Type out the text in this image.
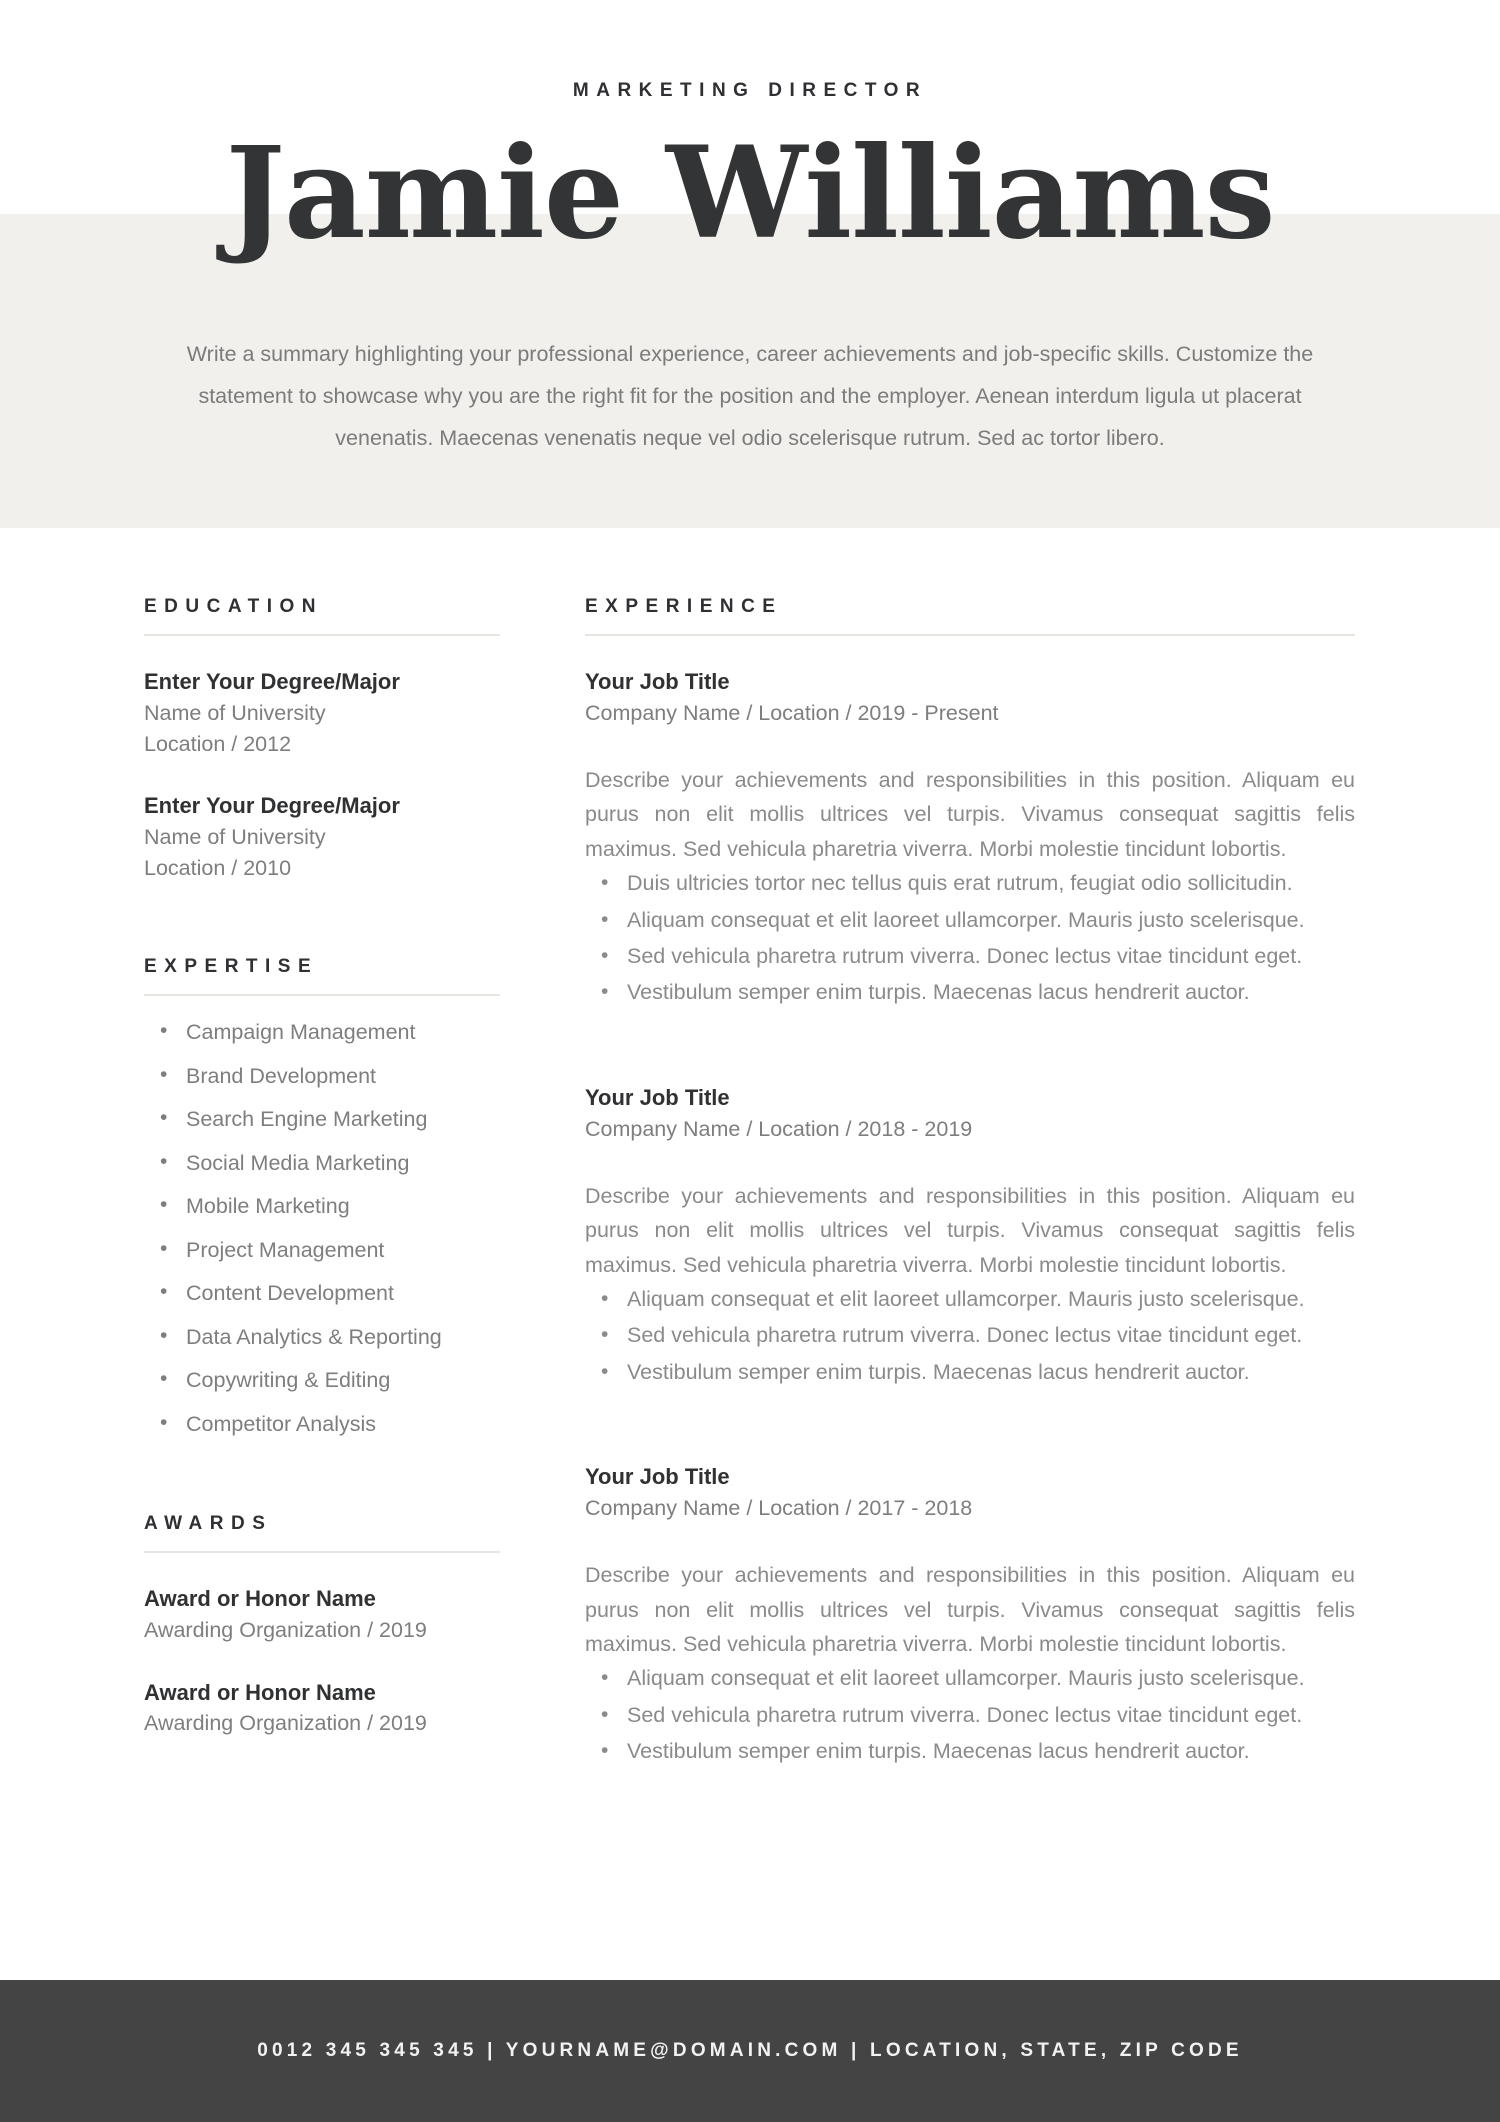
MARKETING DIRECTOR
Jamie Williams
Write a summary highlighting your professional experience, career achievements and job-specific skills. Customize the statement to showcase why you are the right fit for the position and the employer. Aenean interdum ligula ut placerat venenatis. Maecenas venenatis neque vel odio scelerisque rutrum. Sed ac tortor libero.
EDUCATION
Enter Your Degree/Major
Name of University
Location / 2012
Enter Your Degree/Major
Name of University
Location / 2010
EXPERTISE
• Campaign Management
• Brand Development
• Search Engine Marketing
• Social Media Marketing
• Mobile Marketing
• Project Management
• Content Development
• Data Analytics & Reporting
• Copywriting & Editing
• Competitor Analysis
AWARDS
Award or Honor Name
Awarding Organization / 2019
Award or Honor Name
Awarding Organization / 2019
EXPERIENCE
Your Job Title
Company Name / Location / 2019 - Present
Describe your achievements and responsibilities in this position. Aliquam eu purus non elit mollis ultrices vel turpis. Vivamus consequat sagittis felis maximus. Sed vehicula pharetria viverra. Morbi molestie tincidunt lobortis.
• Duis ultricies tortor nec tellus quis erat rutrum, feugiat odio sollicitudin.
• Aliquam consequat et elit laoreet ullamcorper. Mauris justo scelerisque.
• Sed vehicula pharetra rutrum viverra. Donec lectus vitae tincidunt eget.
• Vestibulum semper enim turpis. Maecenas lacus hendrerit auctor.
Your Job Title
Company Name / Location / 2018 - 2019
Describe your achievements and responsibilities in this position. Aliquam eu purus non elit mollis ultrices vel turpis. Vivamus consequat sagittis felis maximus. Sed vehicula pharetria viverra. Morbi molestie tincidunt lobortis.
• Aliquam consequat et elit laoreet ullamcorper. Mauris justo scelerisque.
• Sed vehicula pharetra rutrum viverra. Donec lectus vitae tincidunt eget.
• Vestibulum semper enim turpis. Maecenas lacus hendrerit auctor.
Your Job Title
Company Name / Location / 2017 - 2018
Describe your achievements and responsibilities in this position. Aliquam eu purus non elit mollis ultrices vel turpis. Vivamus consequat sagittis felis maximus. Sed vehicula pharetria viverra. Morbi molestie tincidunt lobortis.
• Aliquam consequat et elit laoreet ullamcorper. Mauris justo scelerisque.
• Sed vehicula pharetra rutrum viverra. Donec lectus vitae tincidunt eget.
• Vestibulum semper enim turpis. Maecenas lacus hendrerit auctor.
0012 345 345 345 | YOURNAME@DOMAIN.COM | LOCATION, STATE, ZIP CODE
